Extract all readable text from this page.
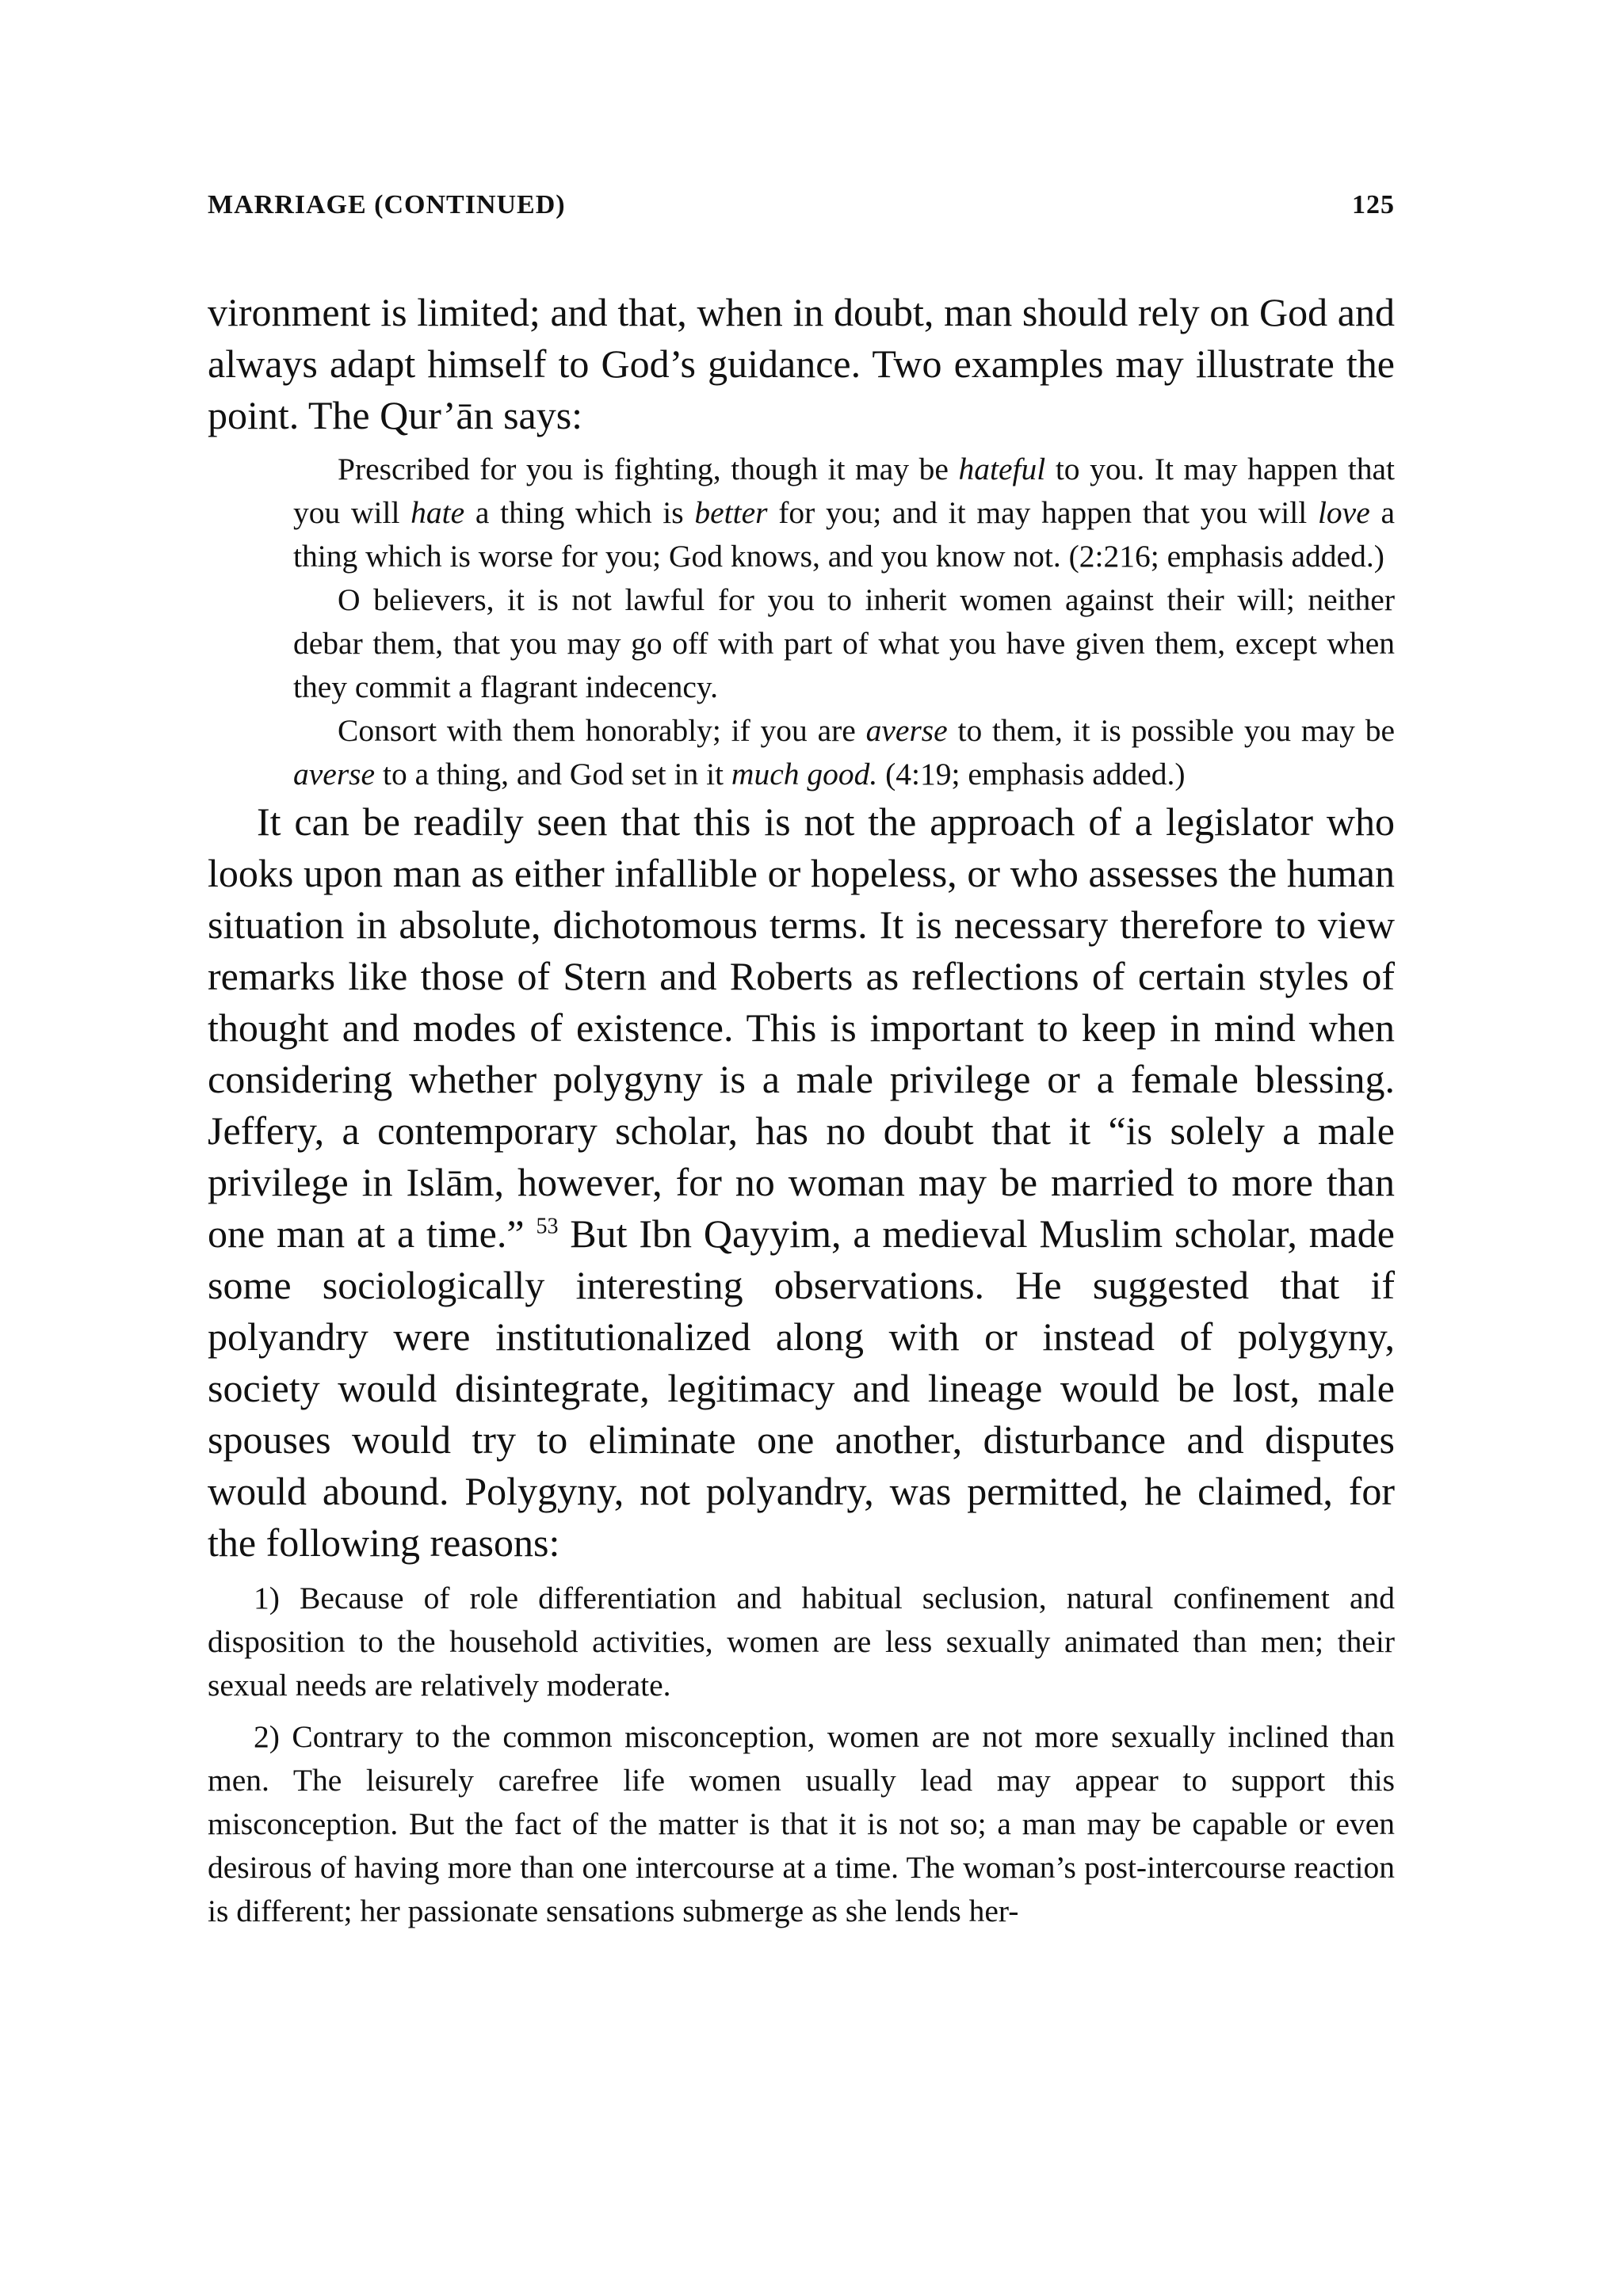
MARRIAGE (CONTINUED)	125

vironment is limited; and that, when in doubt, man should rely on God and always adapt himself to God’s guidance. Two examples may illustrate the point. The Qur’ān says:

Prescribed for you is fighting, though it may be hateful to you. It may happen that you will hate a thing which is better for you; and it may happen that you will love a thing which is worse for you; God knows, and you know not. (2:216; emphasis added.)

O believers, it is not lawful for you to inherit women against their will; neither debar them, that you may go off with part of what you have given them, except when they commit a flagrant indecency.

Consort with them honorably; if you are averse to them, it is possible you may be averse to a thing, and God set in it much good. (4:19; emphasis added.)

It can be readily seen that this is not the approach of a legislator who looks upon man as either infallible or hopeless, or who assesses the human situation in absolute, dichotomous terms. It is necessary therefore to view remarks like those of Stern and Roberts as reflections of certain styles of thought and modes of existence. This is important to keep in mind when considering whether polygyny is a male privilege or a female blessing. Jeffery, a contemporary scholar, has no doubt that it “is solely a male privilege in Islām, however, for no woman may be married to more than one man at a time.” $^{53}$ But Ibn Qayyim, a medieval Muslim scholar, made some sociologically interesting observations. He suggested that if polyandry were institutionalized along with or instead of polygyny, society would disintegrate, legitimacy and lineage would be lost, male spouses would try to eliminate one another, disturbance and disputes would abound. Polygyny, not polyandry, was permitted, he claimed, for the following reasons:

1) Because of role differentiation and habitual seclusion, natural confinement and disposition to the household activities, women are less sexually animated than men; their sexual needs are relatively moderate.

2) Contrary to the common misconception, women are not more sexually inclined than men. The leisurely carefree life women usually lead may appear to support this misconception. But the fact of the matter is that it is not so; a man may be capable or even desirous of having more than one intercourse at a time. The woman’s post-intercourse reaction is different; her passionate sensations submerge as she lends her-
